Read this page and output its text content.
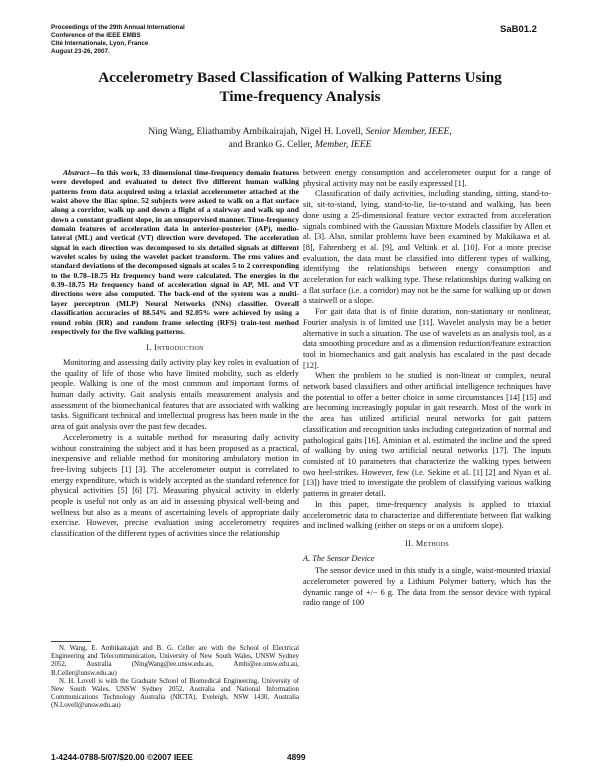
Proceedings of the 29th Annual International
Conference of the IEEE EMBS
Cité Internationale, Lyon, France
August 23-26, 2007.
SaB01.2
Accelerometry Based Classification of Walking Patterns Using
Time-frequency Analysis
Ning Wang, Eliathamby Ambikairajah, Nigel H. Lovell, Senior Member, IEEE,
and Branko G. Celler, Member, IEEE

Abstract—In this work, 33 dimensional time-frequency domain features were developed and evaluated to detect five different human walking patterns from data acquired using a triaxial accelerometer attached at the waist above the iliac spine. 52 subjects were asked to walk on a flat surface along a corridor, walk up and down a flight of a stairway and walk up and down a constant gradient slope, in an unsupervised manner. Time-frequency domain features of acceleration data in anterior-posterior (AP), medio-lateral (ML) and vertical (VT) direction were developed. The acceleration signal in each direction was decomposed to six detailed signals at different wavelet scales by using the wavelet packet transform. The rms values and standard deviations of the decomposed signals at scales 5 to 2 corresponding to the 0.78–18.75 Hz frequency band were calculated. The energies in the 0.39–18.75 Hz frequency band of acceleration signal in AP, ML and VT directions were also computed. The back-end of the system was a multi-layer perceptron (MLP) Neural Networks (NNs) classifier. Overall classification accuracies of 88.54% and 92.05% were achieved by using a round robin (RR) and random frame selecting (RFS) train-test method respectively for the five walking patterns.

I. Introduction

Monitoring and assessing daily activity play key roles in evaluation of the quality of life of those who have limited mobility, such as elderly people. Walking is one of the most common and important forms of human daily activity. Gait analysis entails measurement analysis and assessment of the biomechanical features that are associated with walking tasks. Significant technical and intellectual progress has been made in the area of gait analysis over the past few decades.

Accelerometry is a suitable method for measuring daily activity without constraining the subject and it has been proposed as a practical, inexpensive and reliable method for monitoring ambulatory motion in free-living subjects [1] [3]. The accelerometer output is correlated to energy expenditure, which is widely accepted as the standard reference for physical activities [5] [6] [7]. Measuring physical activity in elderly people is useful not only as an aid in assessing physical well-being and wellness but also as a means of ascertaining levels of appropriate daily exercise. However, precise evaluation using accelerometry requires classification of the different types of activities since the relationship

N. Wang, E. Ambikairajah and B. G. Celler are with the School of Electrical Engineering and Telecommunication, University of New South Wales, UNSW Sydney 2052, Australia (NingWang@ee.unsw.edu.au, Ambi@ee.unsw.edu.au, B.Celler@unsw.edu.au)

N. H. Lovell is with the Graduate School of Biomedical Engineering, University of New South Wales, UNSW Sydney 2052, Australia and National Information Communications Technology Australia (NICTA), Eveleigh, NSW 1430, Australia (N.Lovell@unsw.edu.au)

between energy consumption and accelerometer output for a range of physical activity may not be easily expressed [1].

Classification of daily activities, including standing, sitting, stand-to-sit, sit-to-stand, lying, stand-to-lie, lie-to-stand and walking, has been done using a 25-dimensional feature vector extracted from acceleration signals combined with the Gaussian Mixture Models classifier by Allen et al. [3]. Also, similar problems have been examined by Makikawa et al. [8], Fahrenberg et al. [9], and Veltink et al. [10]. For a more precise evaluation, the data must be classified into different types of walking, identifying the relationships between energy consumption and acceleration for each walking type. These relationships during walking on a flat surface (i.e. a corridor) may not be the same for walking up or down a stairwell or a slope.

For gait data that is of finite duration, non-stationary or nonlinear, Fourier analysis is of limited use [11]. Wavelet analysis may be a better alternative in such a situation. The use of wavelets as an analysis tool, as a data smoothing procedure and as a dimension reduction/feature extraction tool in biomechanics and gait analysis has escalated in the past decade [12].

When the problem to be studied is non-linear or complex, neural network based classifiers and other artificial intelligence techniques have the potential to offer a better choice in some circumstances [14] [15] and are becoming increasingly popular in gait research. Most of the work in the area has utilized artificial neural networks for gait pattern classification and recognition tasks including categorization of normal and pathological gaits [16]. Aminian et al. estimated the incline and the speed of walking by using two artificial neural networks [17]. The inputs consisted of 10 parameters that characterize the walking types between two heel-strikes. However, few (i.e. Sekine et al. [1] [2] and Nyan et al. [13]) have tried to investigate the problem of classifying various walking patterns in greater detail.

In this paper, time-frequency analysis is applied to triaxial accelerometric data to characterize and differentiate between flat walking and inclined walking (either on steps or on a uniform slope).

II. Methods
A. The Sensor Device

The sensor device used in this study is a single, waist-mounted triaxial accelerometer powered by a Lithium Polymer battery, which has the dynamic range of +/− 6 g. The data from the sensor device with typical radio range of 100

1-4244-0788-5/07/$20.00 ©2007 IEEE	4899
